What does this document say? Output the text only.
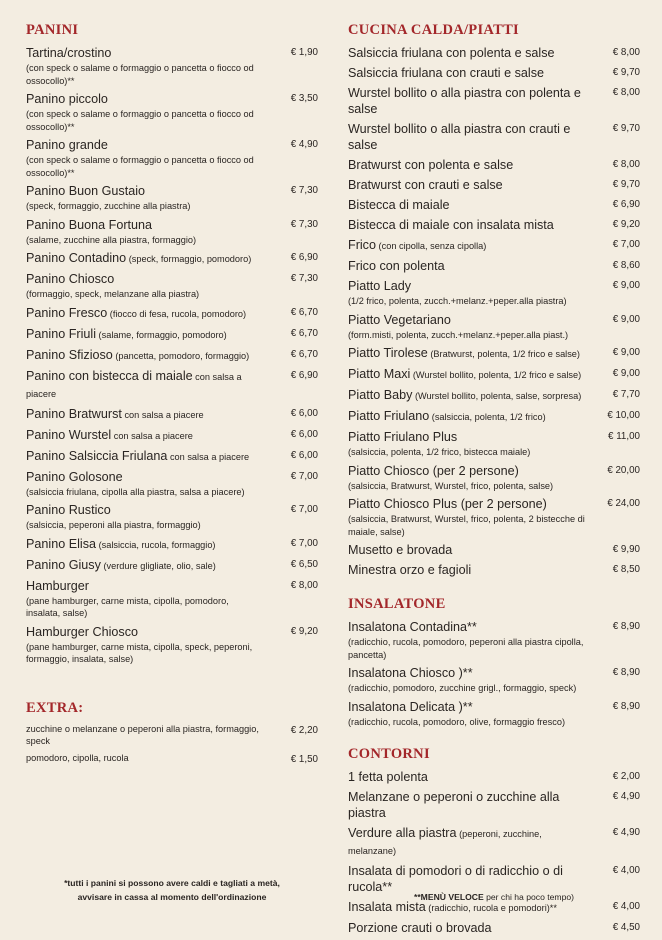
PANINI
Tartina/crostino
(con speck o salame o formaggio o pancetta o fiocco od ossocollo)**
€ 1,90
Panino piccolo
(con speck o salame o formaggio o pancetta o fiocco od ossocollo)**
€ 3,50
Panino grande
(con speck o salame o formaggio o pancetta o fiocco od ossocollo)**
€ 4,90
Panino Buon Gustaio
(speck, formaggio, zucchine alla piastra)
€ 7,30
Panino Buona Fortuna
(salame, zucchine alla piastra, formaggio)
€ 7,30
Panino Contadino (speck, formaggio, pomodoro)	€ 6,90
Panino Chiosco
(formaggio, speck, melanzane alla piastra)
€ 7,30
Panino Fresco (fiocco di fesa, rucola, pomodoro)	€ 6,70
Panino Friuli (salame, formaggio, pomodoro)	€ 6,70
Panino Sfizioso (pancetta, pomodoro, formaggio)	€ 6,70
Panino con bistecca di maiale con salsa a piacere
€ 6,90
Panino Bratwurst con salsa a piacere	€ 6,00
Panino Wurstel con salsa a piacere	€ 6,00
Panino Salsiccia Friulana con salsa a piacere	€ 6,00
Panino Golosone
(salsiccia friulana, cipolla alla piastra, salsa a piacere)
€ 7,00
Panino Rustico
(salsiccia, peperoni alla piastra, formaggio)
€ 7,00
Panino Elisa (salsiccia, rucola, formaggio)	€ 7,00
Panino Giusy (verdure gligliate, olio, sale)	€ 6,50
Hamburger
(pane hamburger, carne mista, cipolla, pomodoro, insalata, salse)
€ 8,00
Hamburger Chiosco
(pane hamburger, carne mista, cipolla, speck, peperoni, formaggio, insalata, salse)
€ 9,20
EXTRA:
zucchine o melanzane o peperoni alla piastra, formaggio, speck
€ 2,20
pomodoro, cipolla, rucola	€ 1,50
*tutti i panini si possono avere caldi e tagliati a metà,
avvisare in cassa al momento dell'ordinazione
CUCINA CALDA/PIATTI
Salsiccia friulana con polenta e salse	€ 8,00
Salsiccia friulana con crauti e salse	€ 9,70
Wurstel bollito o alla piastra con polenta e salse
€ 8,00
Wurstel bollito o alla piastra con crauti e salse
€ 9,70
Bratwurst con polenta e salse	€ 8,00
Bratwurst con crauti e salse	€ 9,70
Bistecca di maiale	€ 6,90
Bistecca di maiale con insalata mista	€ 9,20
Frico (con cipolla, senza cipolla)	€ 7,00
Frico con polenta	€ 8,60
Piatto Lady
(1/2 frico, polenta, zucch.+melanz.+peper.alla piastra)
€ 9,00
Piatto Vegetariano
(form.misti, polenta, zucch.+melanz.+peper.alla piast.)
€ 9,00
Piatto Tirolese (Bratwurst, polenta, 1/2 frico e salse)	€ 9,00
Piatto Maxi (Wurstel bollito, polenta, 1/2 frico e salse)	€ 9,00
Piatto Baby (Wurstel bollito, polenta, salse, sorpresa)	€ 7,70
Piatto Friulano (salsiccia, polenta, 1/2 frico)	€ 10,00
Piatto Friulano Plus
(salsiccia, polenta, 1/2 frico, bistecca maiale)
€ 11,00
Piatto Chiosco (per 2 persone)
(salsiccia, Bratwurst, Wurstel, frico, polenta, salse)
€ 20,00
Piatto Chiosco Plus (per 2 persone)
(salsiccia, Bratwurst, Wurstel, frico, polenta, 2 bistecche di maiale, salse)
€ 24,00
Musetto e brovada	€ 9,90
Minestra orzo e fagioli	€ 8,50
INSALATONE
Insalatona Contadina**
(radicchio, rucola, pomodoro, peperoni alla piastra cipolla, pancetta)
€ 8,90
Insalatona Chiosco )**
(radicchio, pomodoro, zucchine grigl., formaggio, speck)
€ 8,90
Insalatona Delicata )**
(radicchio, rucola, pomodoro, olive, formaggio fresco)
€ 8,90
CONTORNI
1 fetta polenta	€ 2,00
Melanzane o peperoni o zucchine alla piastra
€ 4,90
Verdure alla piastra (peperoni, zucchine, melanzane)
€ 4,90
Insalata di pomodori o di radicchio o di rucola**
€ 4,00
Insalata mista (radicchio, rucola e pomodori)**	€ 4,00
Porzione crauti o brovada	€ 4,50
**MENÙ VELOCE per chi ha poco tempo)
